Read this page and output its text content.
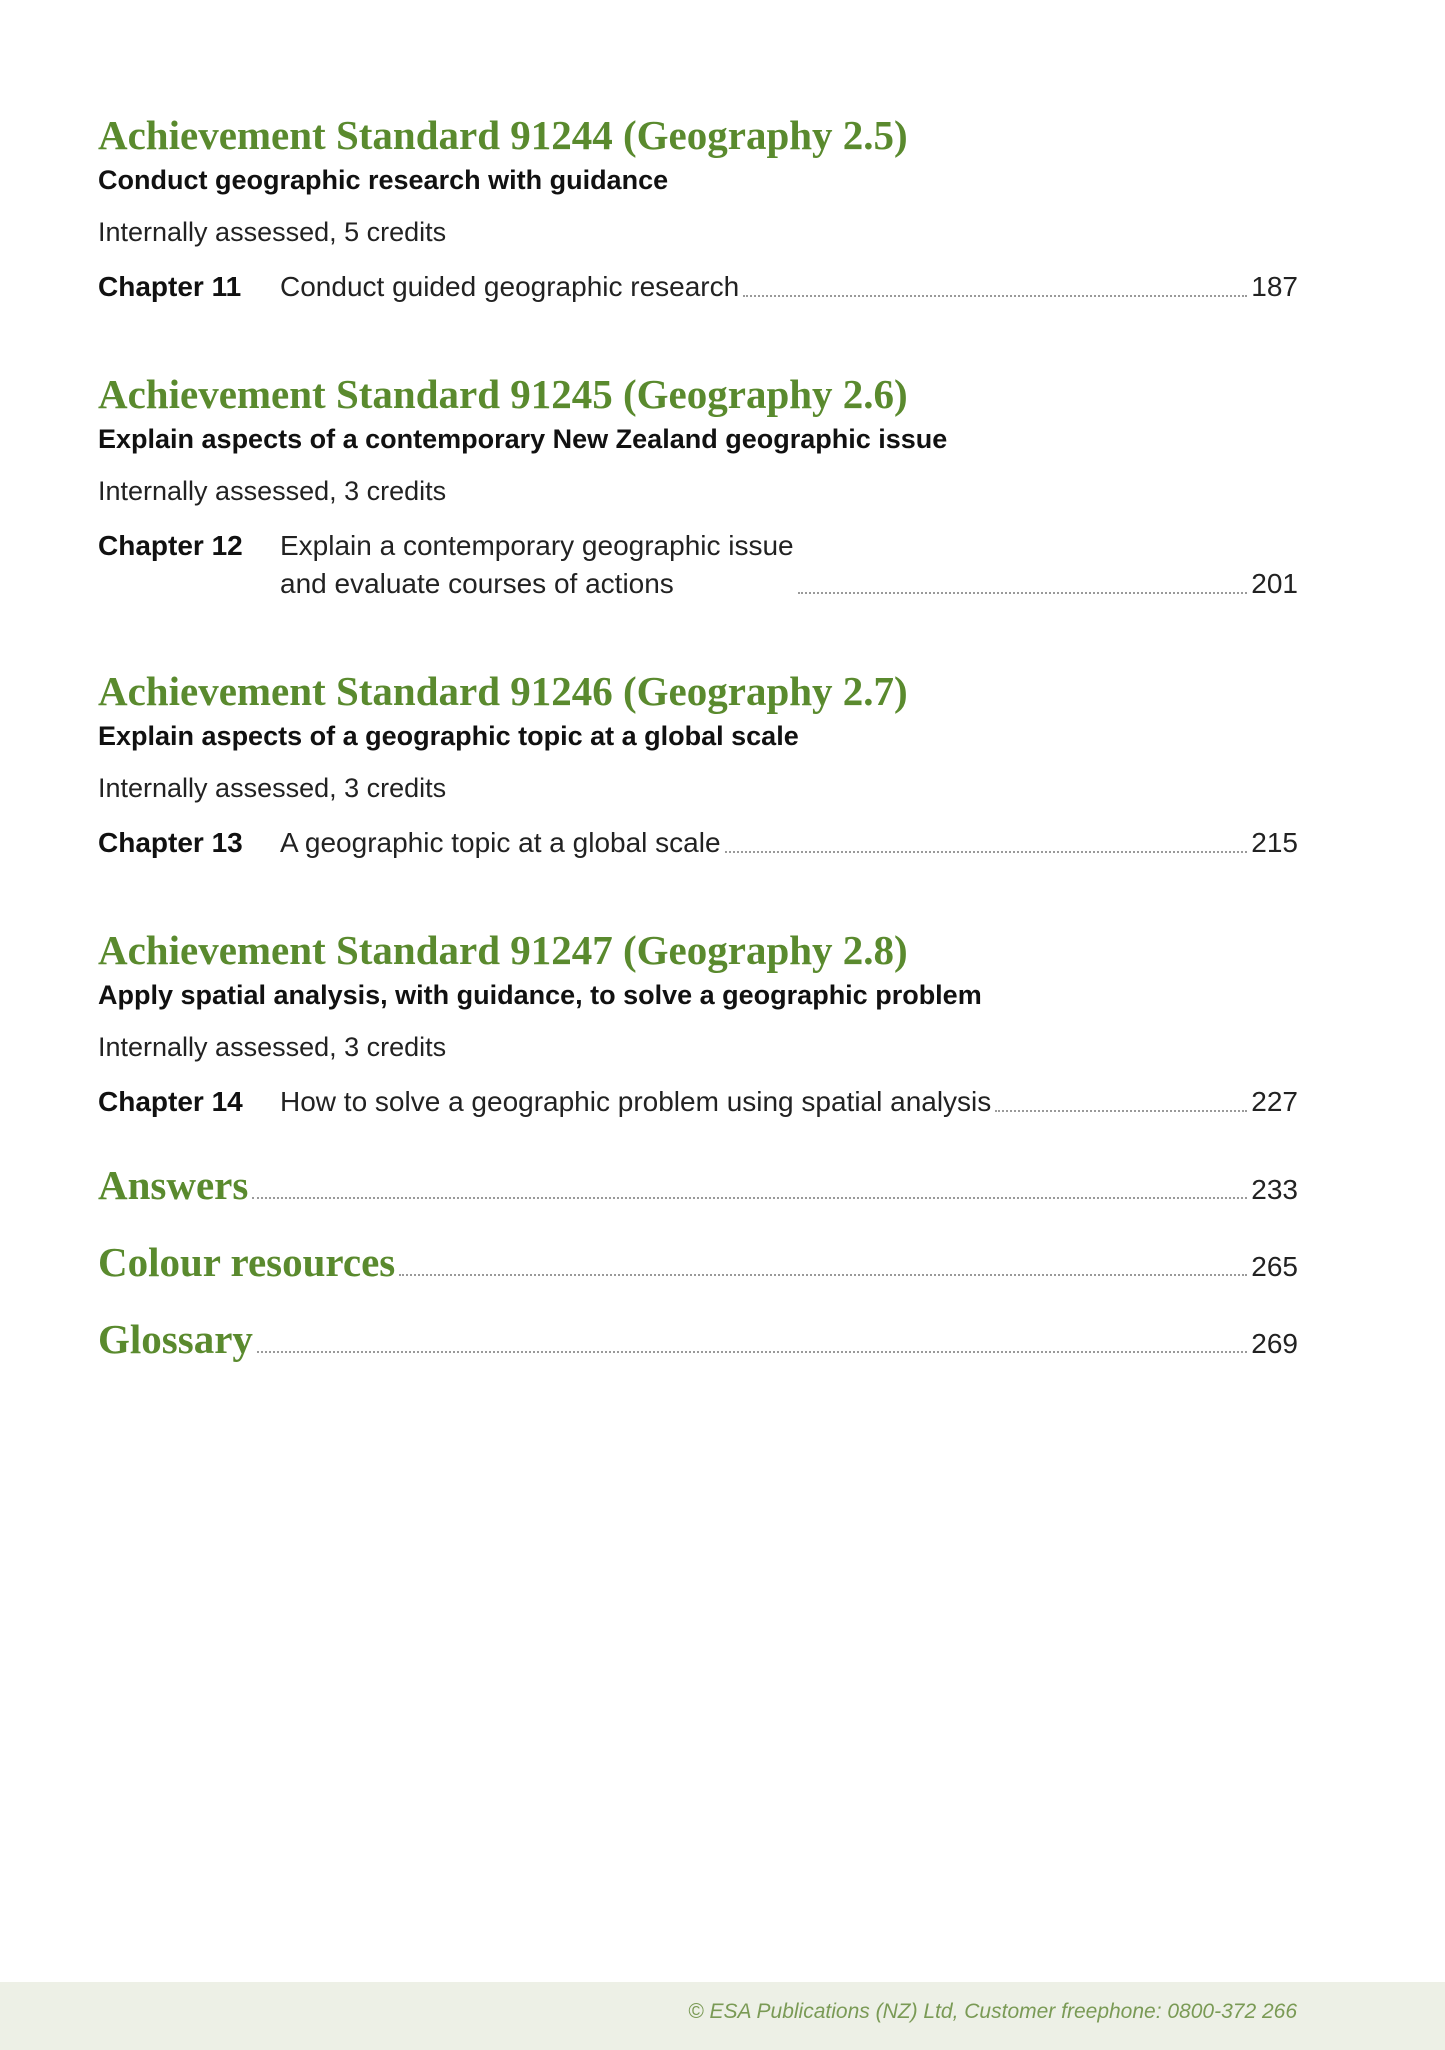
Achievement Standard 91244 (Geography 2.5)

Conduct geographic research with guidance

Internally assessed, 5 credits
Chapter 11	Conduct guided geographic research	187
Achievement Standard 91245 (Geography 2.6)

Explain aspects of a contemporary New Zealand geographic issue

Internally assessed, 3 credits
Chapter 12	Explain a contemporary geographic issue
and evaluate courses of actions	201
Achievement Standard 91246 (Geography 2.7)

Explain aspects of a geographic topic at a global scale

Internally assessed, 3 credits
Chapter 13	A geographic topic at a global scale	215
Achievement Standard 91247 (Geography 2.8)

Apply spatial analysis, with guidance, to solve a geographic problem

Internally assessed, 3 credits
Chapter 14	How to solve a geographic problem using spatial analysis	227
Answers	233
Colour resources	265
Glossary	269
© ESA Publications (NZ) Ltd, Customer freephone: 0800-372 266
